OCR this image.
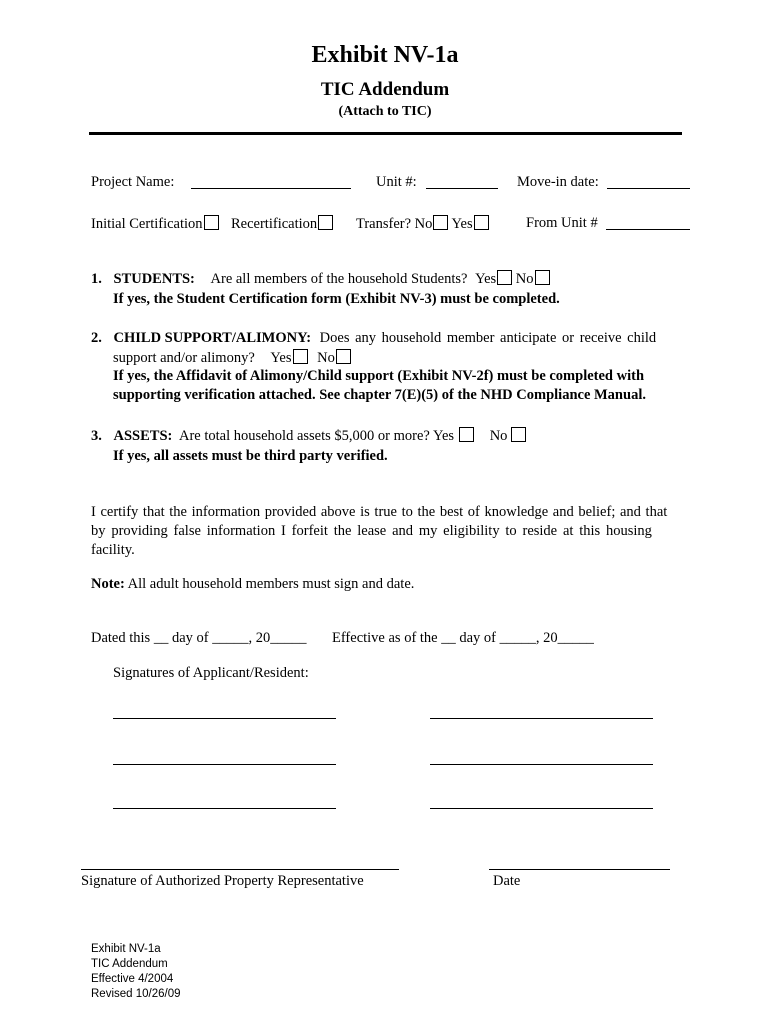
Exhibit NV-1a
TIC Addendum
(Attach to TIC)
Project Name:	Unit #:	Move-in date:
Initial Certification	Recertification	Transfer? No Yes	From Unit #
1. STUDENTS: Are all members of the household Students? Yes No
If yes, the Student Certification form (Exhibit NV-3) must be completed.
2. CHILD SUPPORT/ALIMONY: Does any household member anticipate or receive child
support and/or alimony? Yes No
If yes, the Affidavit of Alimony/Child support (Exhibit NV-2f) must be completed with
supporting verification attached. See chapter 7(E)(5) of the NHD Compliance Manual.
3. ASSETS: Are total household assets $5,000 or more? Yes No
If yes, all assets must be third party verified.
I certify that the information provided above is true to the best of knowledge and belief; and that
by providing false information I forfeit the lease and my eligibility to reside at this housing
facility.
Note: All adult household members must sign and date.
Dated this __ day of _____, 20_____ Effective as of the __ day of _____, 20_____
Signatures of Applicant/Resident:
Signature of Authorized Property Representative	Date
Exhibit NV-1a
TIC Addendum
Effective 4/2004
Revised 10/26/09
